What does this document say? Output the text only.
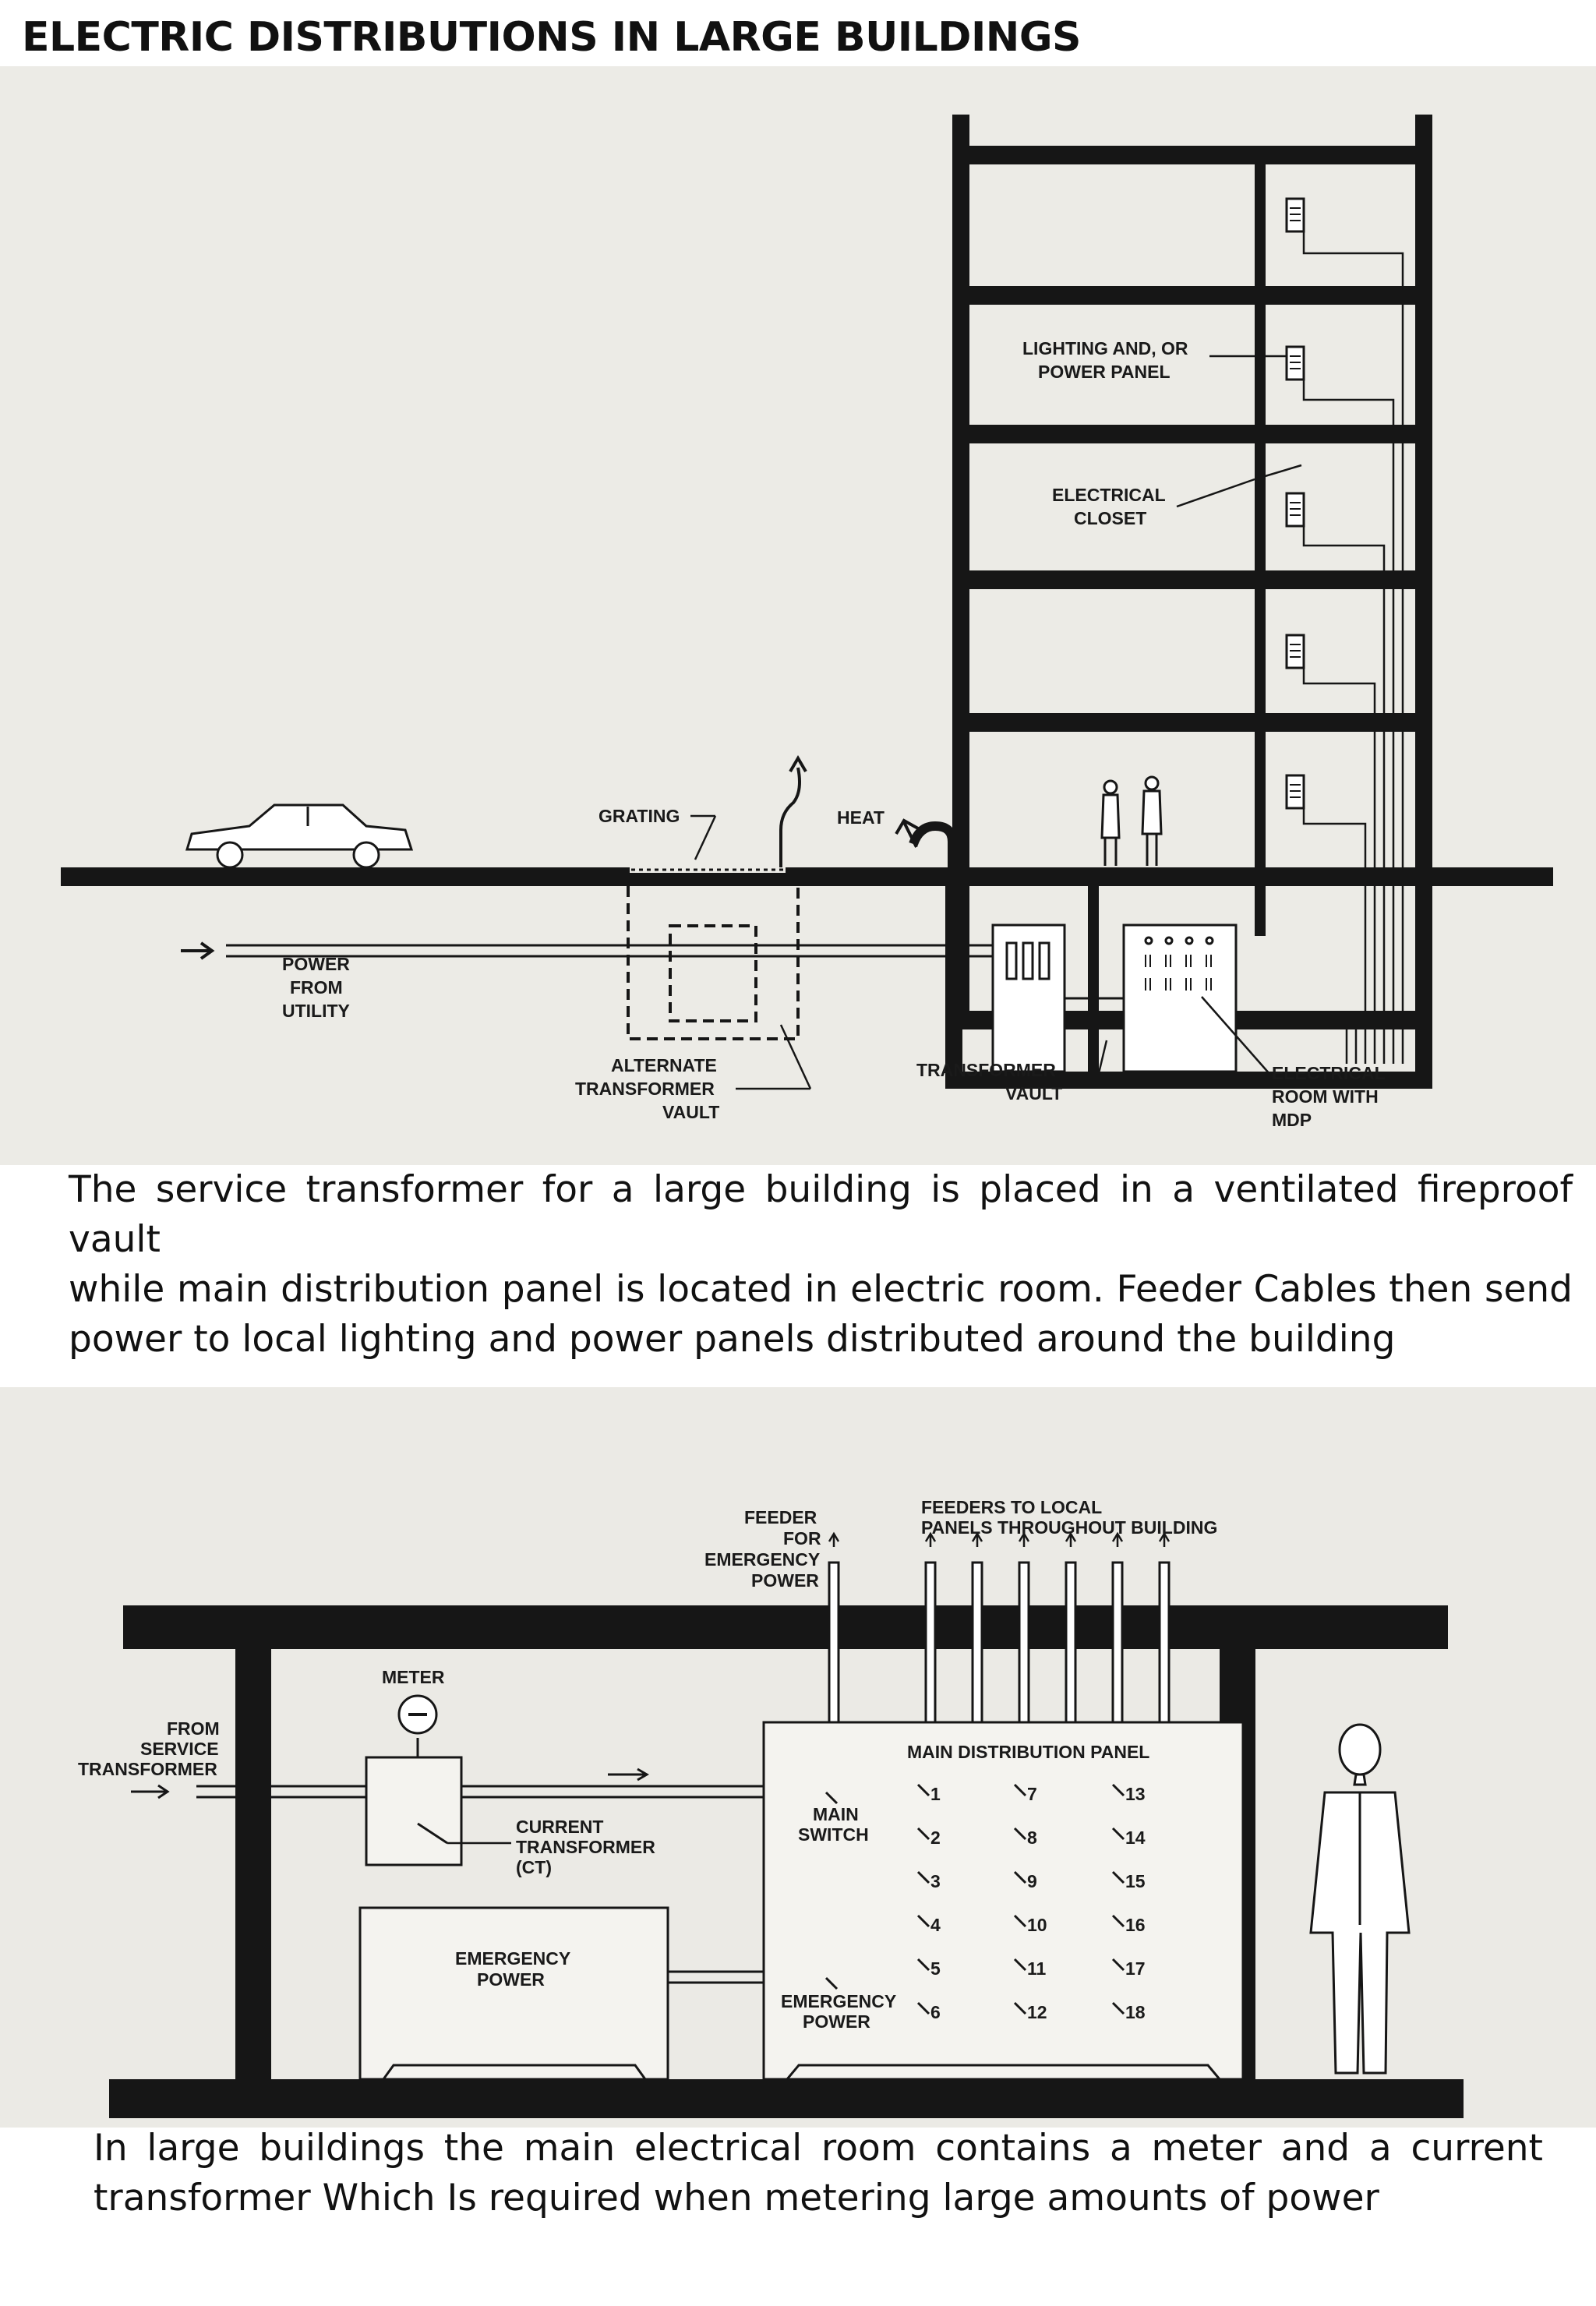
ELECTRIC DISTRIBUTIONS IN LARGE BUILDINGS
LIGHTING AND, OR
POWER PANEL
ELECTRICAL
CLOSET
GRATING	HEAT
POWER
FROM
UTILITY
ALTERNATE
TRANSFORMER
VAULT
TRANSFORMER
VAULT
ELECTRICAL
ROOM WITH
MDP
The service transformer for a large building is placed in a ventilated fireproof vault
while main distribution panel is located in electric room. Feeder Cables then send
power to local lighting and power panels distributed around the building
1
2
3
4
5
6
7
8
9
10
11
12
13
14
15
16
17
18
FEEDER
FOR
EMERGENCY
POWER
FEEDERS TO LOCAL
PANELS THROUGHOUT BUILDING
METER
FROM
SERVICE
TRANSFORMER
CURRENT
TRANSFORMER
(CT)
EMERGENCY
POWER
MAIN DISTRIBUTION PANEL
MAIN
SWITCH
EMERGENCY
POWER
In large buildings the main electrical room contains a meter and a current
transformer Which Is required when metering large amounts of power
